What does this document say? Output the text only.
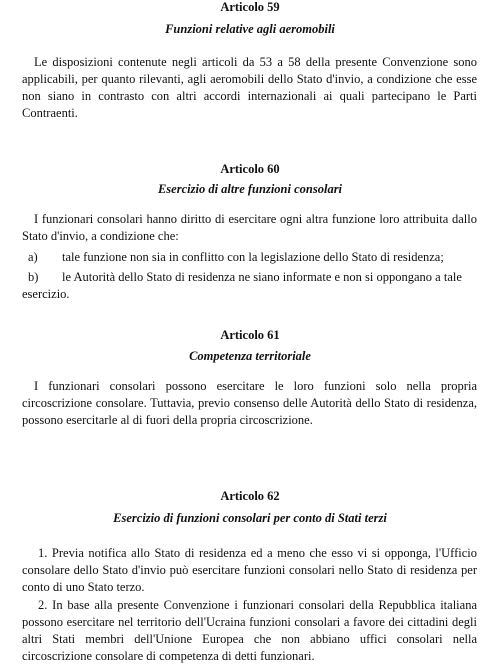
Articolo 59
Funzioni relative agli aeromobili
Le disposizioni contenute negli articoli da 53 a 58 della presente Convenzione sono applicabili, per quanto rilevanti, agli aeromobili dello Stato d'invio, a condizione che esse non siano in contrasto con altri accordi internazionali ai quali partecipano le Parti Contraenti.
Articolo 60
Esercizio di altre funzioni consolari
I funzionari consolari hanno diritto di esercitare ogni altra funzione loro attribuita dallo Stato d'invio, a condizione che:
a) tale funzione non sia in conflitto con la legislazione dello Stato di residenza;
b) le Autorità dello Stato di residenza ne siano informate e non si oppongano a tale esercizio.
Articolo 61
Competenza territoriale
I funzionari consolari possono esercitare le loro funzioni solo nella propria circoscrizione consolare. Tuttavia, previo consenso delle Autorità dello Stato di residenza, possono esercitarle al di fuori della propria circoscrizione.
Articolo 62
Esercizio di funzioni consolari per conto di Stati terzi
1. Previa notifica allo Stato di residenza ed a meno che esso vi si opponga, l'Ufficio consolare dello Stato d'invio può esercitare funzioni consolari nello Stato di residenza per conto di uno Stato terzo.
2. In base alla presente Convenzione i funzionari consolari della Repubblica italiana possono esercitare nel territorio dell'Ucraina funzioni consolari a favore dei cittadini degli altri Stati membri dell'Unione Europea che non abbiano uffici consolari nella circoscrizione consolare di competenza di detti funzionari.
